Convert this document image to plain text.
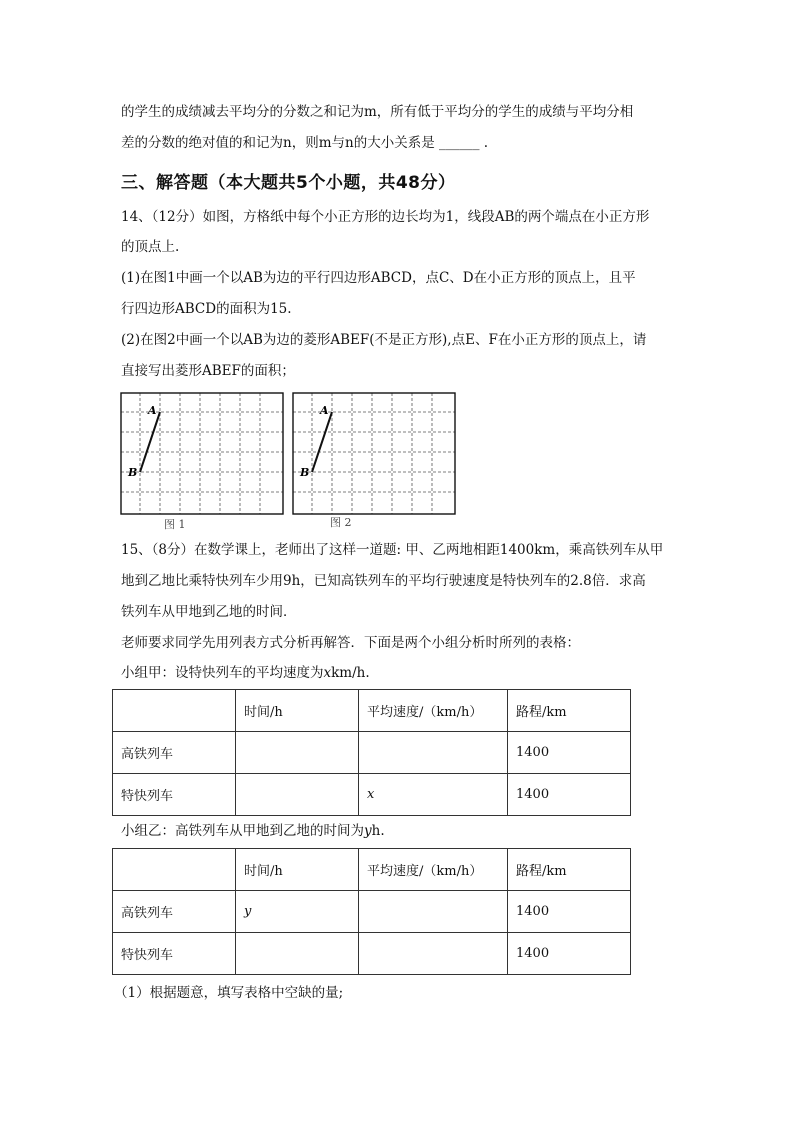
的学生的成绩减去平均分的分数之和记为m，所有低于平均分的学生的成绩与平均分相
差的分数的绝对值的和记为n，则m与n的大小关系是 ______ .
三、解答题（本大题共5个小题，共48分）
14、（12分）如图，方格纸中每个小正方形的边长均为1，线段AB的两个端点在小正方形
的顶点上.
(1)在图1中画一个以AB为边的平行四边形ABCD，点C、D在小正方形的顶点上，且平
行四边形ABCD的面积为15.
(2)在图2中画一个以AB为边的菱形ABEF(不是正方形),点E、F在小正方形的顶点上，请
直接写出菱形ABEF的面积；
A
B
图 1
A
B
图 2
15、（8分）在数学课上，老师出了这样一道题: 甲、乙两地相距1400km，乘高铁列车从甲
地到乙地比乘特快列车少用9h，已知高铁列车的平均行驶速度是特快列车的2.8倍．求高
铁列车从甲地到乙地的时间．
老师要求同学先用列表方式分析再解答．下面是两个小组分析时所列的表格：
小组甲：设特快列车的平均速度为xkm/h.
	时间/h	平均速度/（km/h）	路程/km
高铁列车			1400
特快列车		x	1400
小组乙：高铁列车从甲地到乙地的时间为yh.
	时间/h	平均速度/（km/h）	路程/km
高铁列车	y		1400
特快列车			1400
（1）根据题意，填写表格中空缺的量;
